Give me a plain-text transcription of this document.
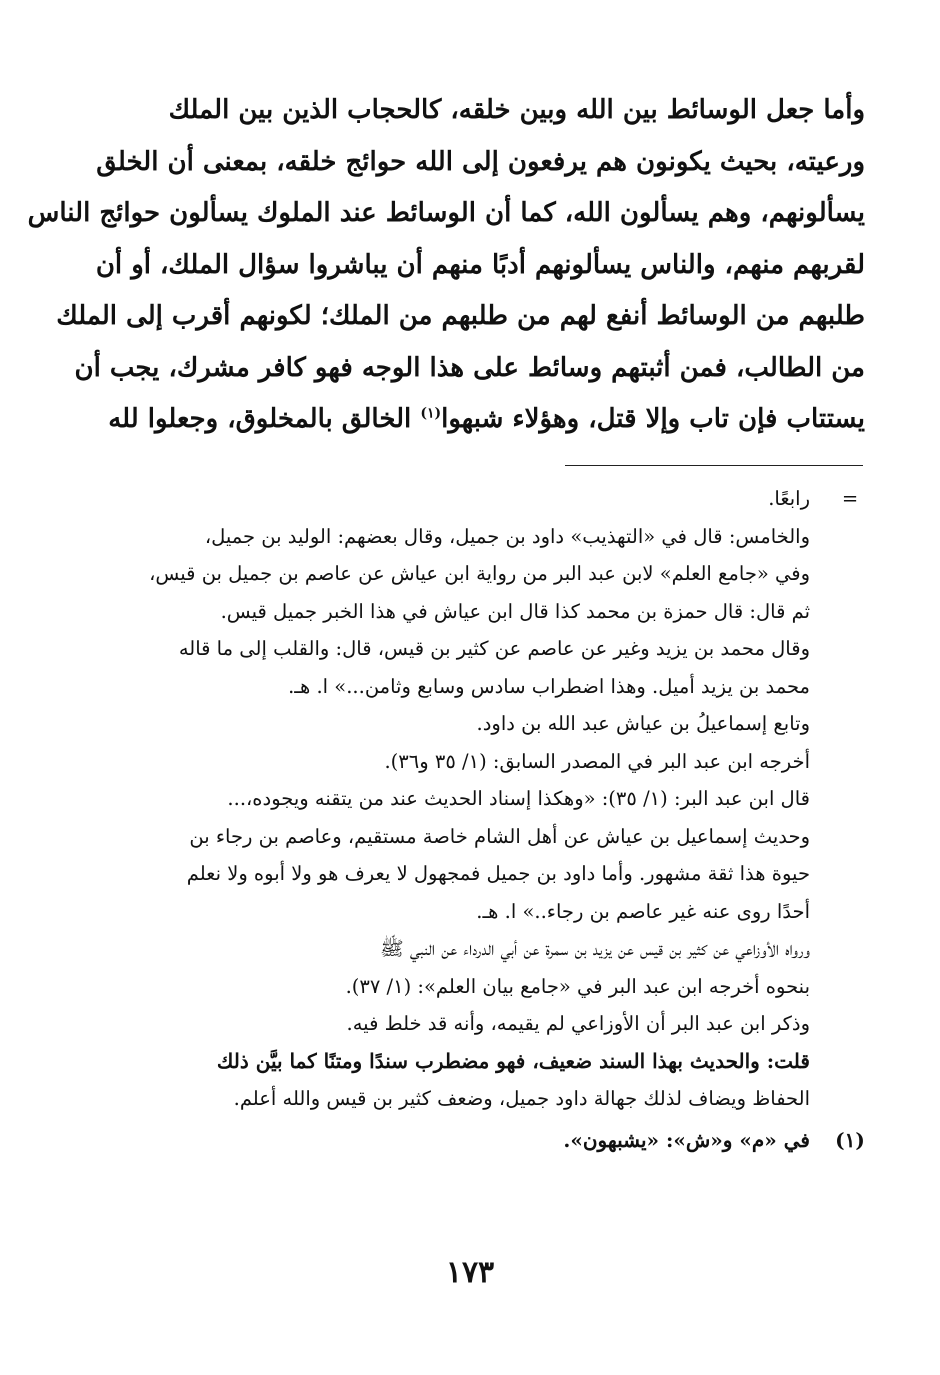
وأما جعل الوسائط بين الله وبين خلقه، كالحجاب الذين بين الملك
ورعيته، بحيث يكونون هم يرفعون إلى الله حوائج خلقه، بمعنى أن الخلق
يسألونهم، وهم يسألون الله، كما أن الوسائط عند الملوك يسألون حوائج الناس
لقربهم منهم، والناس يسألونهم أدبًا منهم أن يباشروا سؤال الملك، أو أن
طلبهم من الوسائط أنفع لهم من طلبهم من الملك؛ لكونهم أقرب إلى الملك
من الطالب، فمن أثبتهم وسائط على هذا الوجه فهو كافر مشرك، يجب أن
يستتاب فإن تاب وإلا قتل، وهؤلاء شبهوا$^{(١)}$ الخالق بالمخلوق، وجعلوا لله
=
رابعًا.
والخامس: قال في «التهذيب» داود بن جميل، وقال بعضهم: الوليد بن جميل،
وفي «جامع العلم» لابن عبد البر من رواية ابن عياش عن عاصم بن جميل بن قيس،
ثم قال: قال حمزة بن محمد كذا قال ابن عياش في هذا الخبر جميل قيس.
وقال محمد بن يزيد وغير عن عاصم عن كثير بن قيس، قال: والقلب إلى ما قاله
محمد بن يزيد أميل. وهذا اضطراب سادس وسابع وثامن...» ا. هـ.
وتابع إسماعيلُ بن عياش عبد الله بن داود.
أخرجه ابن عبد البر في المصدر السابق: (١/ ٣٥ و٣٦).
قال ابن عبد البر: (١/ ٣٥): «وهكذا إسناد الحديث عند من يتقنه ويجوده،...
وحديث إسماعيل بن عياش عن أهل الشام خاصة مستقيم، وعاصم بن رجاء بن
حيوة هذا ثقة مشهور. وأما داود بن جميل فمجهول لا يعرف هو ولا أبوه ولا نعلم
أحدًا روى عنه غير عاصم بن رجاء..» ا. هـ.
ورواه الأوزاعي عن كثير بن قيس عن يزيد بن سمرة عن أبي الدرداء عن النبي ﷺ
بنحوه أخرجه ابن عبد البر في «جامع بيان العلم»: (١/ ٣٧).
وذكر ابن عبد البر أن الأوزاعي لم يقيمه، وأنه قد خلط فيه.
قلت: والحديث بهذا السند ضعيف، فهو مضطرب سندًا ومتنًا كما بيَّن ذلك
الحفاظ ويضاف لذلك جهالة داود جميل، وضعف كثير بن قيس والله أعلم.
(١)
في «م» و«ش»: «يشبهون».
١٧٣
